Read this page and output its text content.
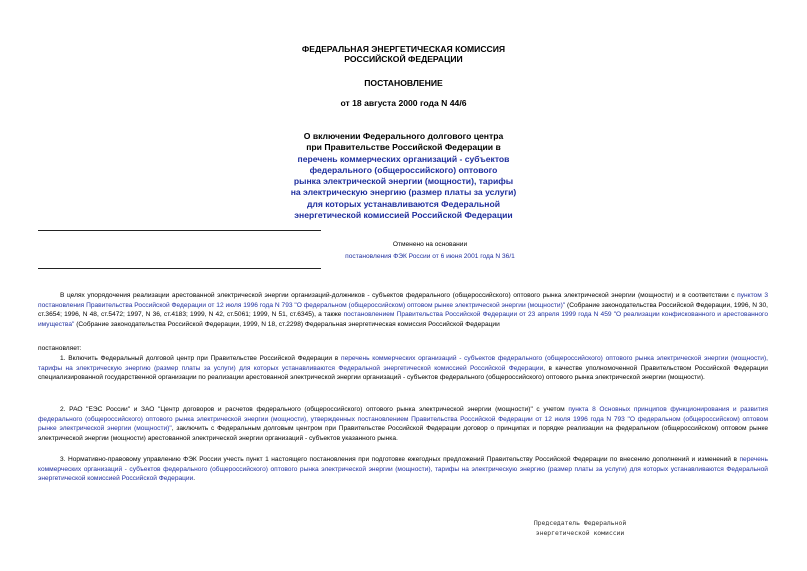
ФЕДЕРАЛЬНАЯ ЭНЕРГЕТИЧЕСКАЯ КОМИССИЯ
РОССИЙСКОЙ ФЕДЕРАЦИИ
ПОСТАНОВЛЕНИЕ
от 18 августа 2000 года N 44/6
О включении Федерального долгового центра
при Правительстве Российской Федерации в
перечень коммерческих организаций - субъектов
федерального (общероссийского) оптового
рынка электрической энергии (мощности), тарифы
на электрическую энергию (размер платы за услуги)
для которых устанавливаются Федеральной
энергетической комиссией Российской Федерации
Отменено на основании
постановления ФЭК России от 6 июня 2001 года N 36/1
В целях упорядочения реализации арестованной электрической энергии организаций-должников - субъектов федерального (общероссийского) оптового рынка электрической энергии (мощности) и в соответствии с пунктом 3 постановления Правительства Российской Федерации от 12 июля 1996 года N 793 "О федеральном (общероссийском) оптовом рынке электрической энергии (мощности)" (Собрание законодательства Российской Федерации, 1996, N 30, ст.3654; 1996, N 48, ст.5472; 1997, N 36, ст.4183; 1999, N 42, ст.5061; 1999, N 51, ст.6345), а также постановлением Правительства Российской Федерации от 23 апреля 1999 года N 459 "О реализации конфискованного и арестованного имущества" (Собрание законодательства Российской Федерации, 1999, N 18, ст.2298) Федеральная энергетическая комиссия Российской Федерации
постановляет:
1. Включить Федеральный долговой центр при Правительстве Российской Федерации в перечень коммерческих организаций - субъектов федерального (общероссийского) оптового рынка электрической энергии (мощности), тарифы на электрическую энергию (размер платы за услуги) для которых устанавливаются Федеральной энергетической комиссией Российской Федерации, в качестве уполномоченной Правительством Российской Федерации специализированной государственной организации по реализации арестованной электрической энергии организаций - субъектов федерального (общероссийского) оптового рынка электрической энергии (мощности).
2. РАО "ЕЭС России" и ЗАО "Центр договоров и расчетов федерального (общероссийского) оптового рынка электрической энергии (мощности)" с учетом пункта 8 Основных принципов функционирования и развития федерального (общероссийского) оптового рынка электрической энергии (мощности), утвержденных постановлением Правительства Российской Федерации от 12 июля 1996 года N 793 "О федеральном (общероссийском) оптовом рынке электрической энергии (мощности)", заключить с Федеральным долговым центром при Правительстве Российской Федерации договор о принципах и порядке реализации на федеральном (общероссийском) оптовом рынке электрической энергии (мощности) арестованной электрической энергии организаций - субъектов указанного рынка.
3. Нормативно-правовому управлению ФЭК России учесть пункт 1 настоящего постановления при подготовке ежегодных предложений Правительству Российской Федерации по внесению дополнений и изменений в перечень коммерческих организаций - субъектов федерального (общероссийского) оптового рынка электрической энергии (мощности), тарифы на электрическую энергию (размер платы за услуги) для которых устанавливаются Федеральной энергетической комиссией Российской Федерации.
Председатель Федеральной
энергетической комиссии
